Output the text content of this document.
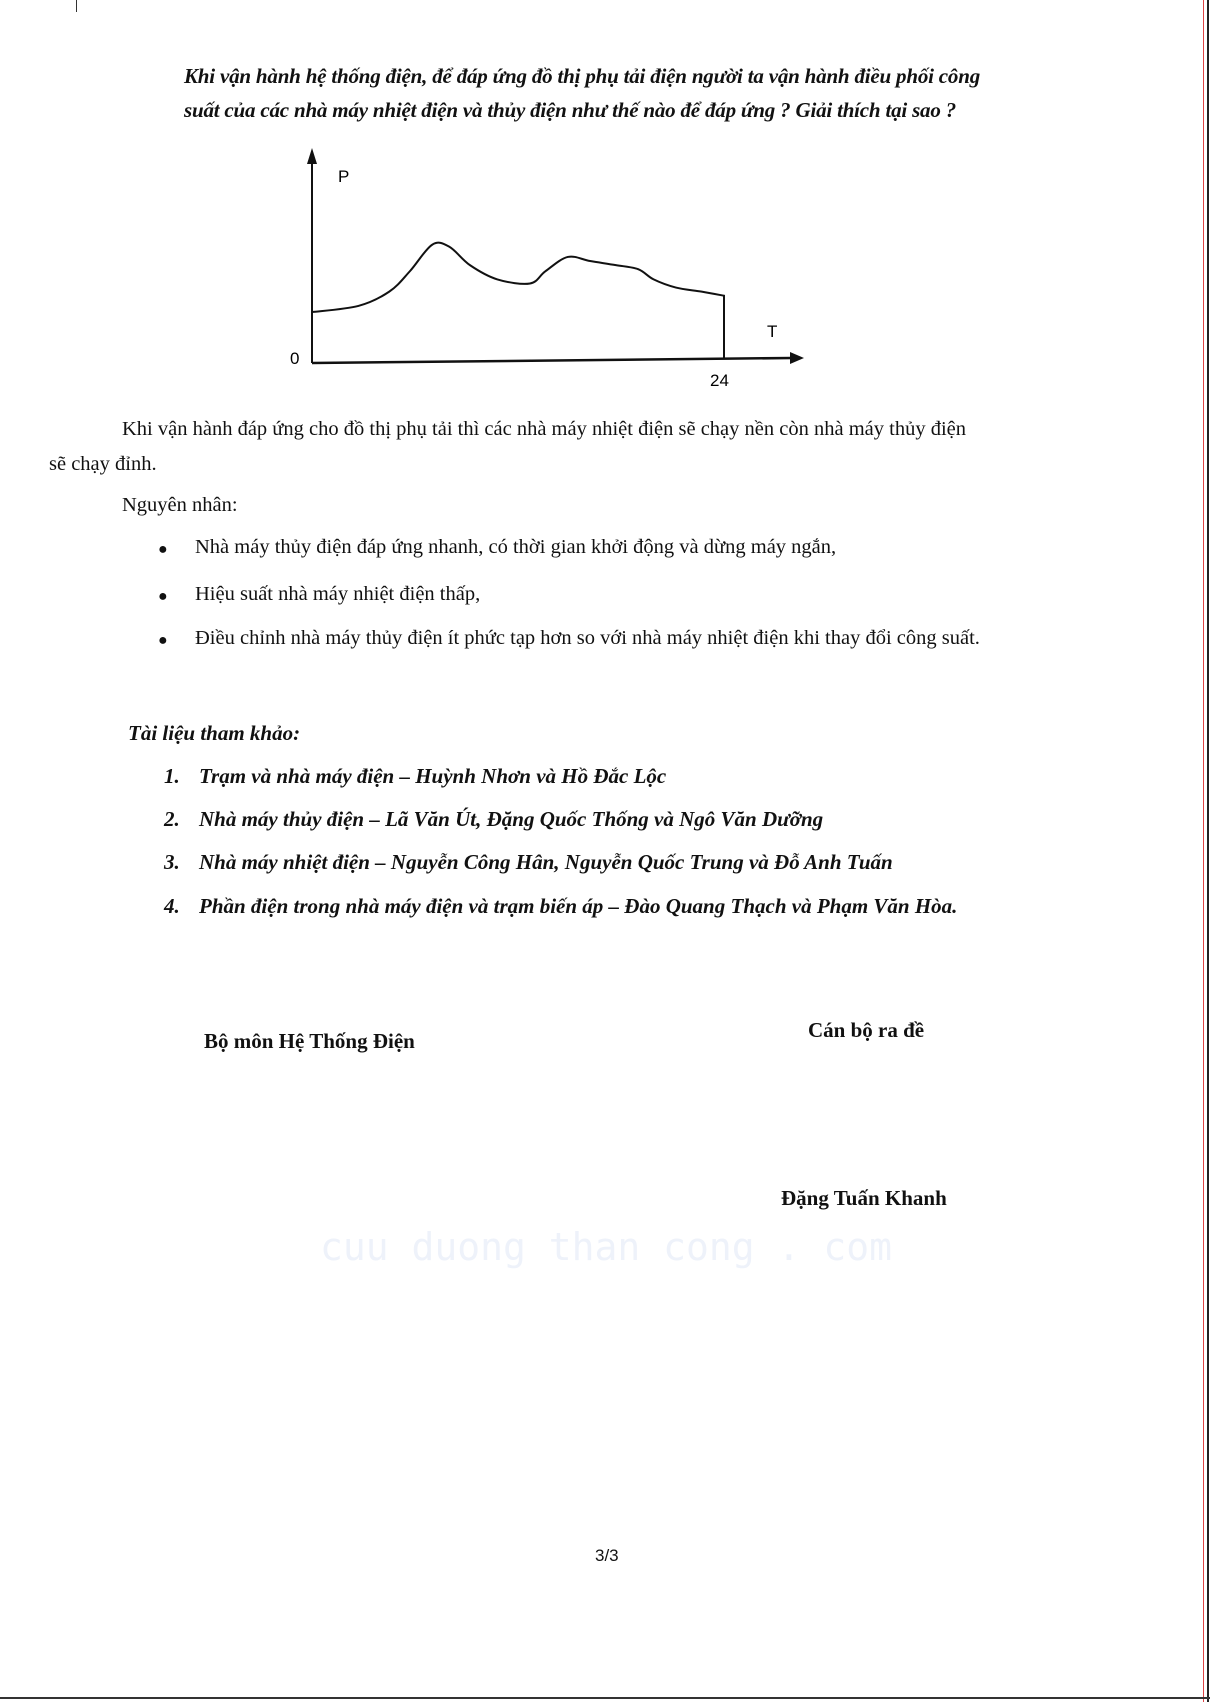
Khi vận hành hệ thống điện, để đáp ứng đồ thị phụ tải điện người ta vận hành điều phối công
suất của các nhà máy nhiệt điện và thủy điện như thế nào để đáp ứng ? Giải thích tại sao ?
P
T
0
24
Khi vận hành đáp ứng cho đồ thị phụ tải thì các nhà máy nhiệt điện sẽ chạy nền còn nhà máy thủy điện
sẽ chạy đỉnh.
Nguyên nhân:
● Nhà máy thủy điện đáp ứng nhanh, có thời gian khởi động và dừng máy ngắn,
● Hiệu suất nhà máy nhiệt điện thấp,
● Điều chỉnh nhà máy thủy điện ít phức tạp hơn so với nhà máy nhiệt điện khi thay đổi công suất.
Tài liệu tham khảo:
1. Trạm và nhà máy điện – Huỳnh Nhơn và Hồ Đắc Lộc
2. Nhà máy thủy điện – Lã Văn Út, Đặng Quốc Thống và Ngô Văn Dưỡng
3. Nhà máy nhiệt điện – Nguyễn Công Hân, Nguyễn Quốc Trung và Đỗ Anh Tuấn
4. Phần điện trong nhà máy điện và trạm biến áp – Đào Quang Thạch và Phạm Văn Hòa.
Bộ môn Hệ Thống Điện	Cán bộ ra đề
Đặng Tuấn Khanh
cuu duong than cong . com
3/3
